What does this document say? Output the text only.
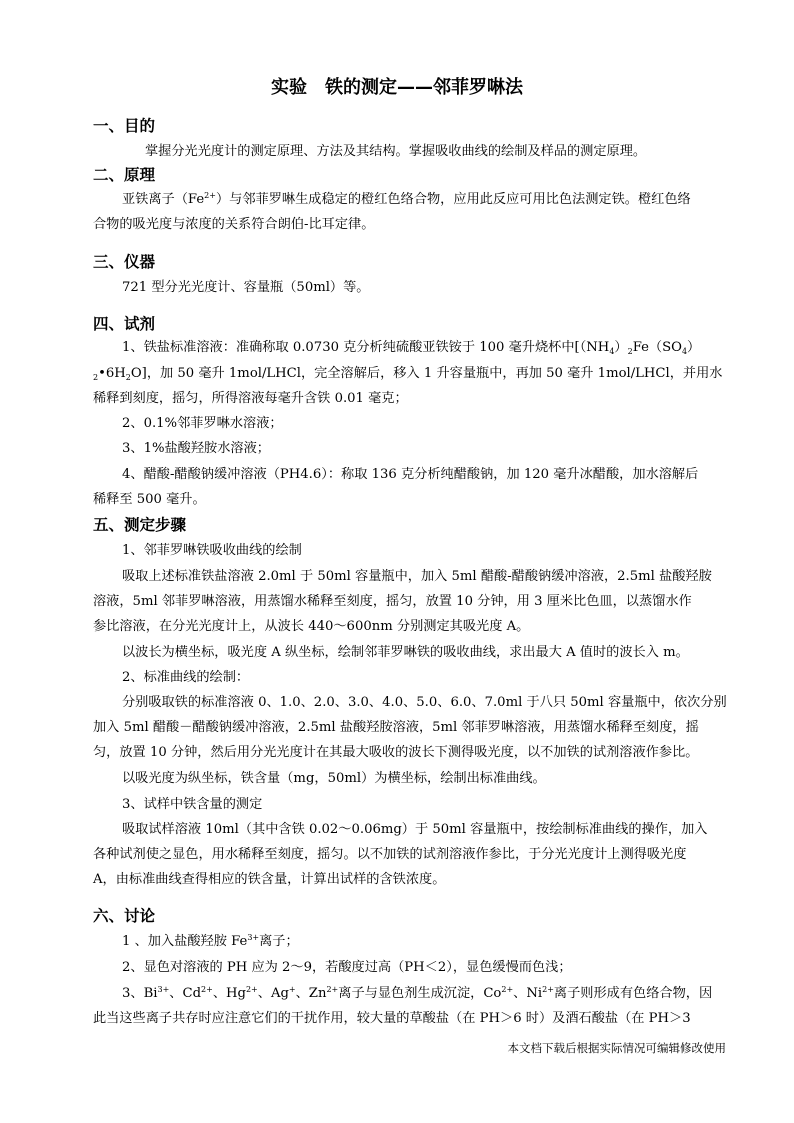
实验　铁的测定——邻菲罗啉法
一、目的
掌握分光光度计的测定原理、方法及其结构。掌握吸收曲线的绘制及样品的测定原理。
二、原理
亚铁离子$(Fe^{2+})$与邻菲罗啉生成稳定的橙红色络合物，应用此反应可用比色法测定铁。橙红色络
合物的吸光度与浓度的关系符合朗伯-比耳定律。
三、仪器
721 型分光光度计、容量瓶（50ml）等。
四、试剂
1、铁盐标准溶液：准确称取 0.0730 克分析纯硫酸亚铁铵于 100 毫升烧杯中[$(NH_4)_2Fe(SO_4)$
$_2•6H_2O$]，加 50 毫升 1mol/LHCl，完全溶解后，移入 1 升容量瓶中，再加 50 毫升 1mol/LHCl，并用水
稀释到刻度，摇匀，所得溶液每毫升含铁 0.01 毫克；
2、0.1%邻菲罗啉水溶液；
3、1%盐酸羟胺水溶液；
4、醋酸-醋酸钠缓冲溶液（PH4.6）：称取 136 克分析纯醋酸钠，加 120 毫升冰醋酸，加水溶解后
稀释至 500 毫升。
五、测定步骤
1、邻菲罗啉铁吸收曲线的绘制
吸取上述标准铁盐溶液 2.0ml 于 50ml 容量瓶中，加入 5ml 醋酸-醋酸钠缓冲溶液，2.5ml 盐酸羟胺
溶液，5ml 邻菲罗啉溶液，用蒸馏水稀释至刻度，摇匀，放置 10 分钟，用 3 厘米比色皿，以蒸馏水作
参比溶液，在分光光度计上，从波长 440～600nm 分别测定其吸光度 A。
以波长为横坐标，吸光度 A 纵坐标，绘制邻菲罗啉铁的吸收曲线，求出最大 A 值时的波长入 m。
2、标准曲线的绘制：
分别吸取铁的标准溶液 0、1.0、2.0、3.0、4.0、5.0、6.0、7.0ml 于八只 50ml 容量瓶中，依次分别
加入 5ml 醋酸－醋酸钠缓冲溶液，2.5ml 盐酸羟胺溶液，5ml 邻菲罗啉溶液，用蒸馏水稀释至刻度，摇
匀，放置 10 分钟，然后用分光光度计在其最大吸收的波长下测得吸光度，以不加铁的试剂溶液作参比。
以吸光度为纵坐标，铁含量（mg，50ml）为横坐标，绘制出标准曲线。
3、试样中铁含量的测定
吸取试样溶液 10ml（其中含铁 0.02～0.06mg）于 50ml 容量瓶中，按绘制标准曲线的操作，加入
各种试剂使之显色，用水稀释至刻度，摇匀。以不加铁的试剂溶液作参比，于分光光度计上测得吸光度
A，由标准曲线查得相应的铁含量，计算出试样的含铁浓度。
六、讨论
1 、加入盐酸羟胺 $Fe^{3+}$离子；
2、显色对溶液的 PH 应为 2～9，若酸度过高（PH＜2），显色缓慢而色浅；
3、$Bi^{3+}$、$Cd^{2+}$、$Hg^{2+}$、Ag+、$Zn^{2+}$离子与显色剂生成沉淀，$Co^{2+}$、$Ni^{2+}$离子则形成有色络合物，因
此当这些离子共存时应注意它们的干扰作用，较大量的草酸盐（在 PH＞6 时）及酒石酸盐（在 PH＞3
本文档下载后根据实际情况可编辑修改使用
